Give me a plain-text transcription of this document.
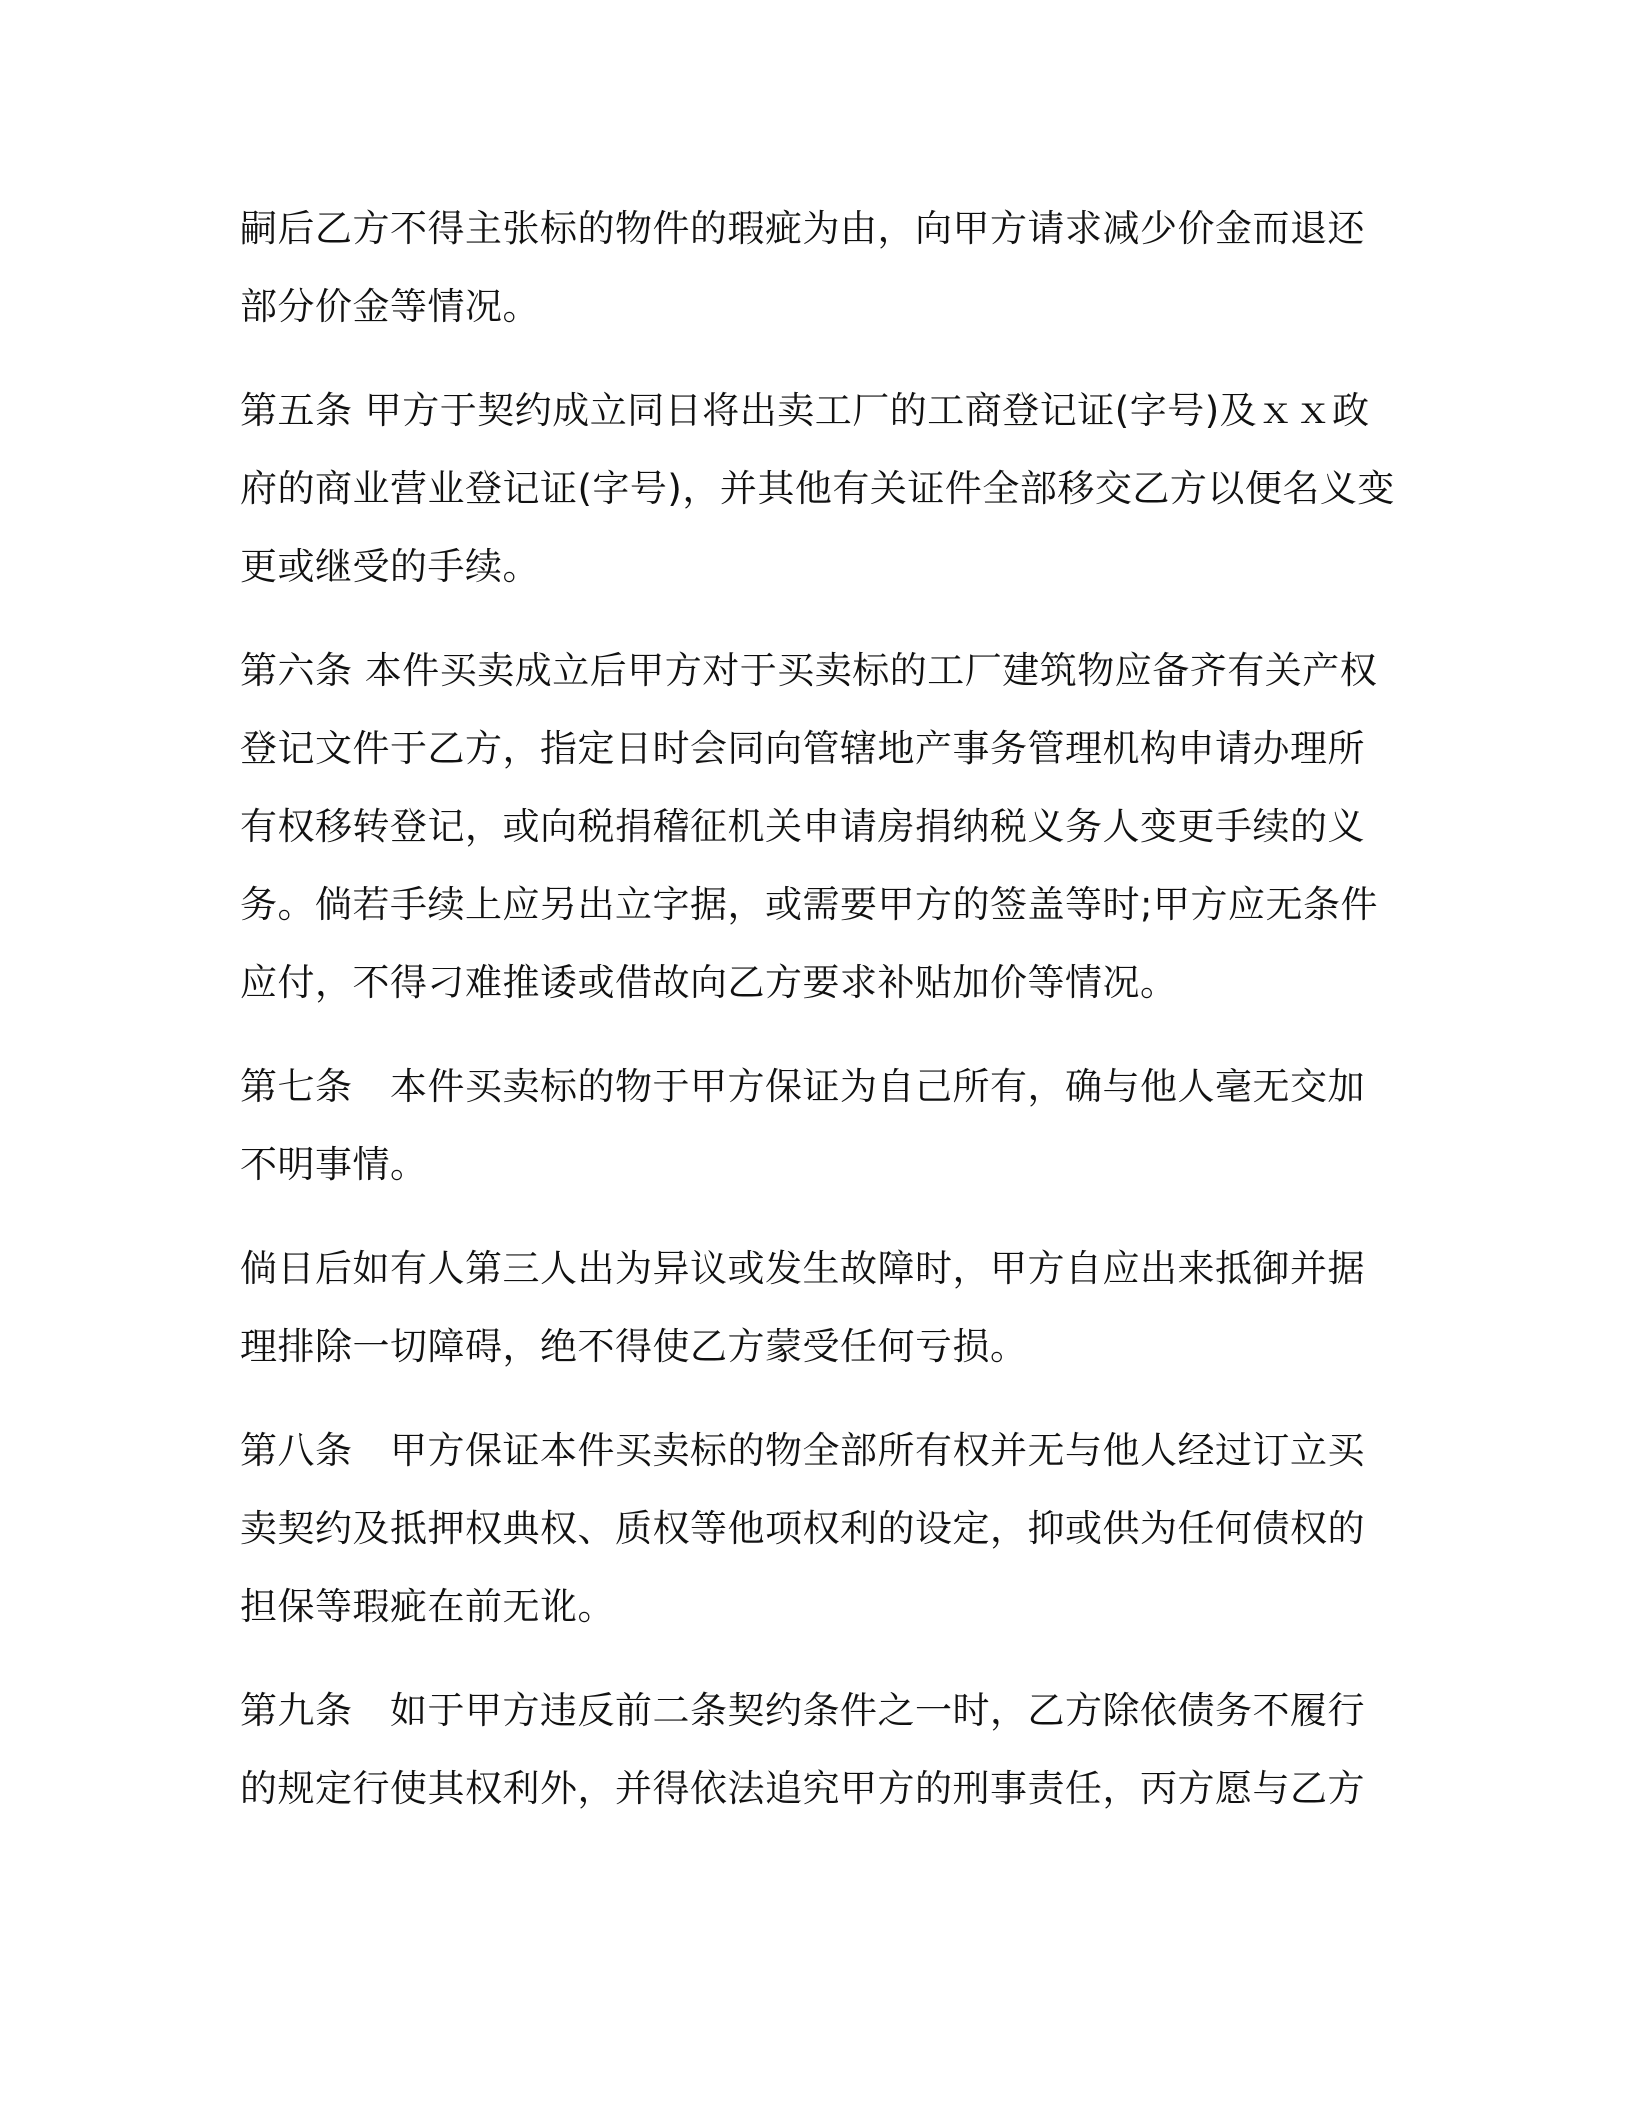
嗣后乙方不得主张标的物件的瑕疵为由，向甲方请求减少价金而退还部分价金等情况。

第五条 甲方于契约成立同日将出卖工厂的工商登记证(字号)及ｘｘ政府的商业营业登记证(字号)，并其他有关证件全部移交乙方以便名义变更或继受的手续。

第六条 本件买卖成立后甲方对于买卖标的工厂建筑物应备齐有关产权登记文件于乙方，指定日时会同向管辖地产事务管理机构申请办理所有权移转登记，或向税捐稽征机关申请房捐纳税义务人变更手续的义务。倘若手续上应另出立字据，或需要甲方的签盖等时;甲方应无条件应付，不得刁难推诿或借故向乙方要求补贴加价等情况。

第七条　本件买卖标的物于甲方保证为自己所有，确与他人毫无交加不明事情。

倘日后如有人第三人出为异议或发生故障时，甲方自应出来抵御并据理排除一切障碍，绝不得使乙方蒙受任何亏损。

第八条　甲方保证本件买卖标的物全部所有权并无与他人经过订立买卖契约及抵押权典权、质权等他项权利的设定，抑或供为任何债权的担保等瑕疵在前无讹。

第九条　如于甲方违反前二条契约条件之一时，乙方除依债务不履行的规定行使其权利外，并得依法追究甲方的刑事责任，丙方愿与乙方
